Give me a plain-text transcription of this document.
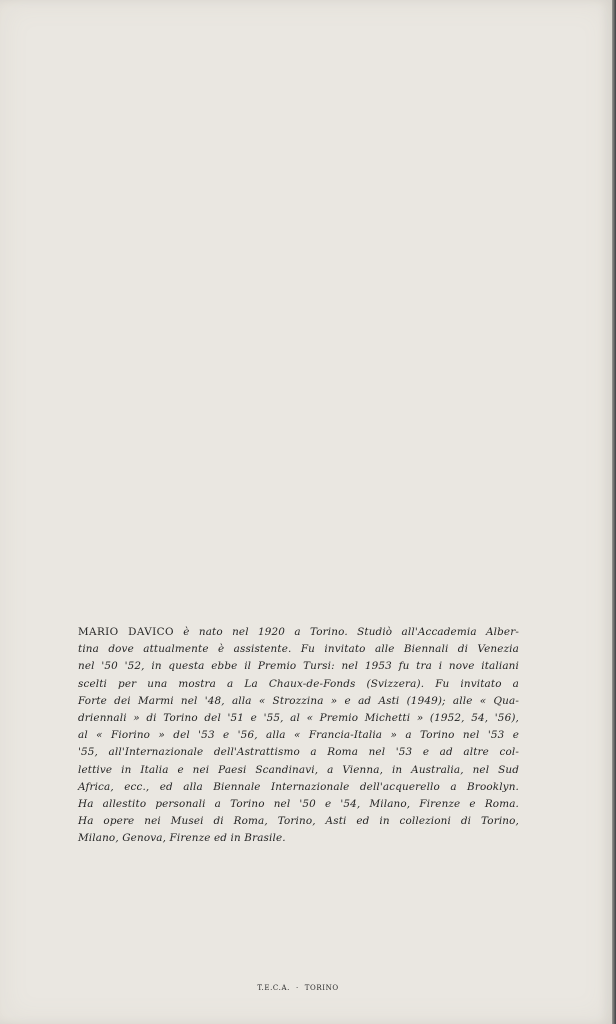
MARIO DAVICO è nato nel 1920 a Torino. Studiò all'Accademia Alber-
tina dove attualmente è assistente. Fu invitato alle Biennali di Venezia
nel '50 '52, in questa ebbe il Premio Tursi: nel 1953 fu tra i nove italiani
scelti per una mostra a La Chaux-de-Fonds (Svizzera). Fu invitato a
Forte dei Marmi nel '48, alla « Strozzina » e ad Asti (1949); alle « Qua-
driennali » di Torino del '51 e '55, al « Premio Michetti » (1952, 54, '56),
al « Fiorino » del '53 e '56, alla « Francia-Italia » a Torino nel '53 e
'55, all'Internazionale dell'Astrattismo a Roma nel '53 e ad altre col-
lettive in Italia e nei Paesi Scandinavi, a Vienna, in Australia, nel Sud
Africa, ecc., ed alla Biennale Internazionale dell'acquerello a Brooklyn.
Ha allestito personali a Torino nel '50 e '54, Milano, Firenze e Roma.
Ha opere nei Musei di Roma, Torino, Asti ed in collezioni di Torino,
Milano, Genova, Firenze ed in Brasile.
T.E.C.A. · TORINO
